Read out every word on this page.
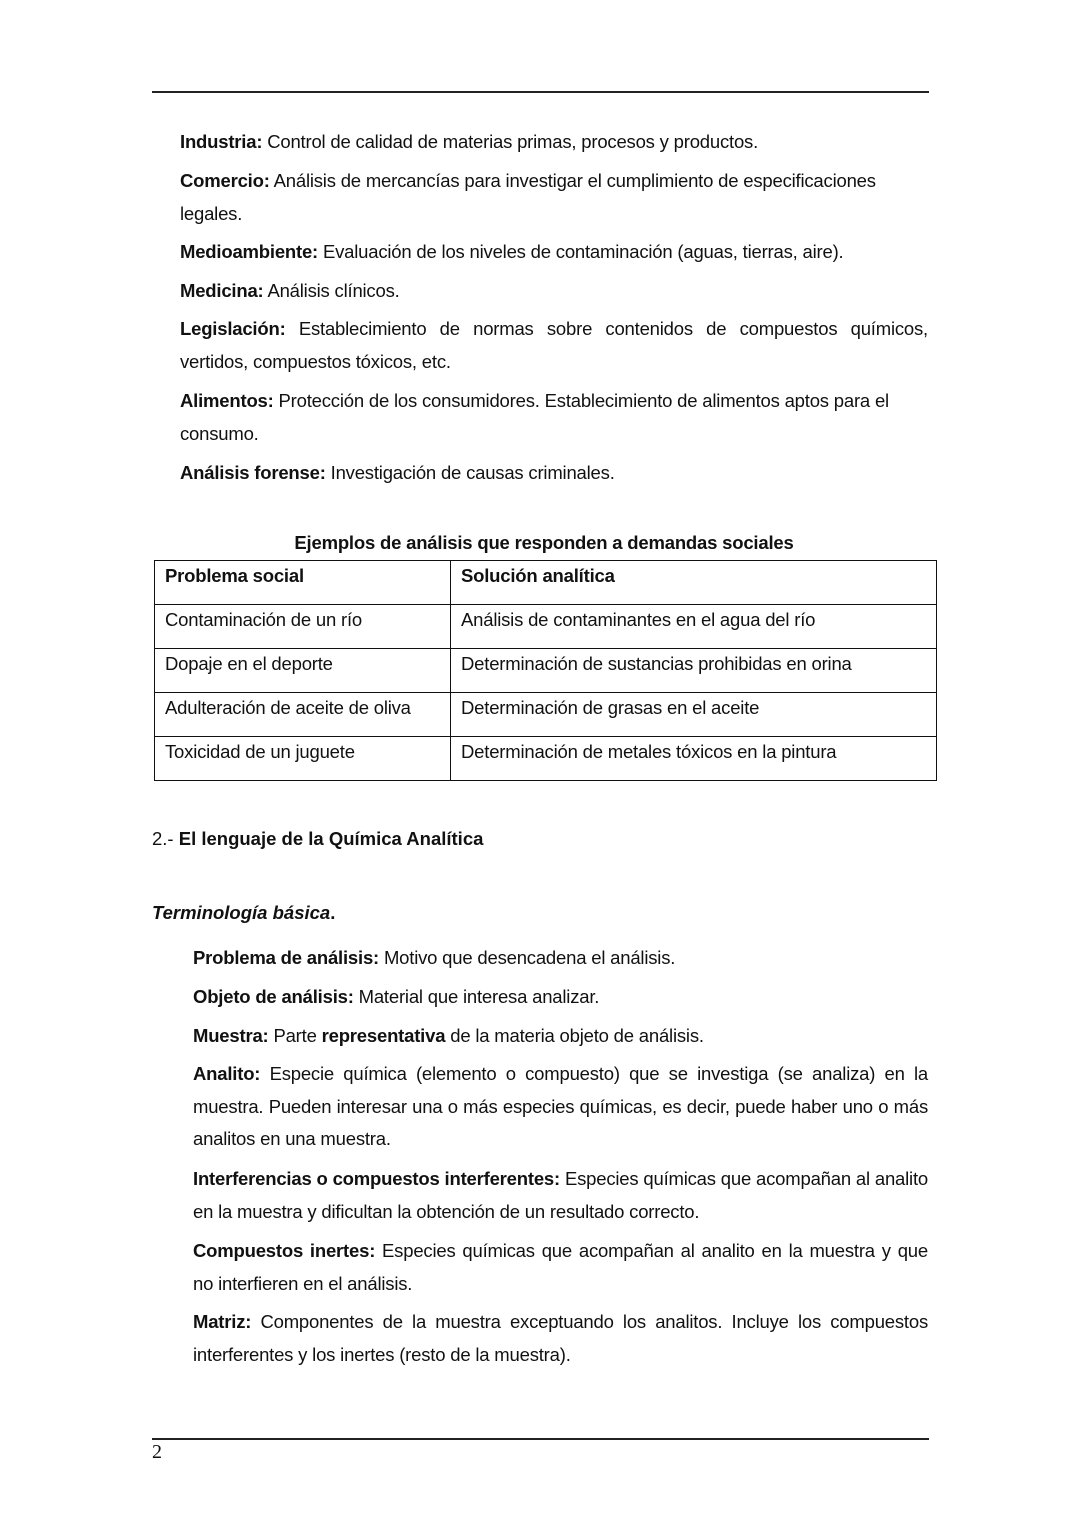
Industria: Control de calidad de materias primas, procesos y productos.
Comercio: Análisis de mercancías para investigar el cumplimiento de especificaciones legales.
Medioambiente: Evaluación de los niveles de contaminación (aguas, tierras, aire).
Medicina: Análisis clínicos.
Legislación: Establecimiento de normas sobre contenidos de compuestos químicos, vertidos, compuestos tóxicos, etc.
Alimentos: Protección de los consumidores. Establecimiento de alimentos aptos para el consumo.
Análisis forense: Investigación de causas criminales.
Ejemplos de análisis que responden a demandas sociales
Problema social	Solución analítica
Contaminación de un río	Análisis de contaminantes en el agua del río
Dopaje en el deporte	Determinación de sustancias prohibidas en orina
Adulteración de aceite de oliva	Determinación de grasas en el aceite
Toxicidad de un juguete	Determinación de metales tóxicos en la pintura
2.- El lenguaje de la Química Analítica
Terminología básica.
Problema de análisis: Motivo que desencadena el análisis.
Objeto de análisis: Material que interesa analizar.
Muestra: Parte representativa de la materia objeto de análisis.
Analito: Especie química (elemento o compuesto) que se investiga (se analiza) en la muestra. Pueden interesar una o más especies químicas, es decir, puede haber uno o más analitos en una muestra.
Interferencias o compuestos interferentes: Especies químicas que acompañan al analito en la muestra y dificultan la obtención de un resultado correcto.
Compuestos inertes: Especies químicas que acompañan al analito en la muestra y que no interfieren en el análisis.
Matriz: Componentes de la muestra exceptuando los analitos. Incluye los compuestos interferentes y los inertes (resto de la muestra).
2
